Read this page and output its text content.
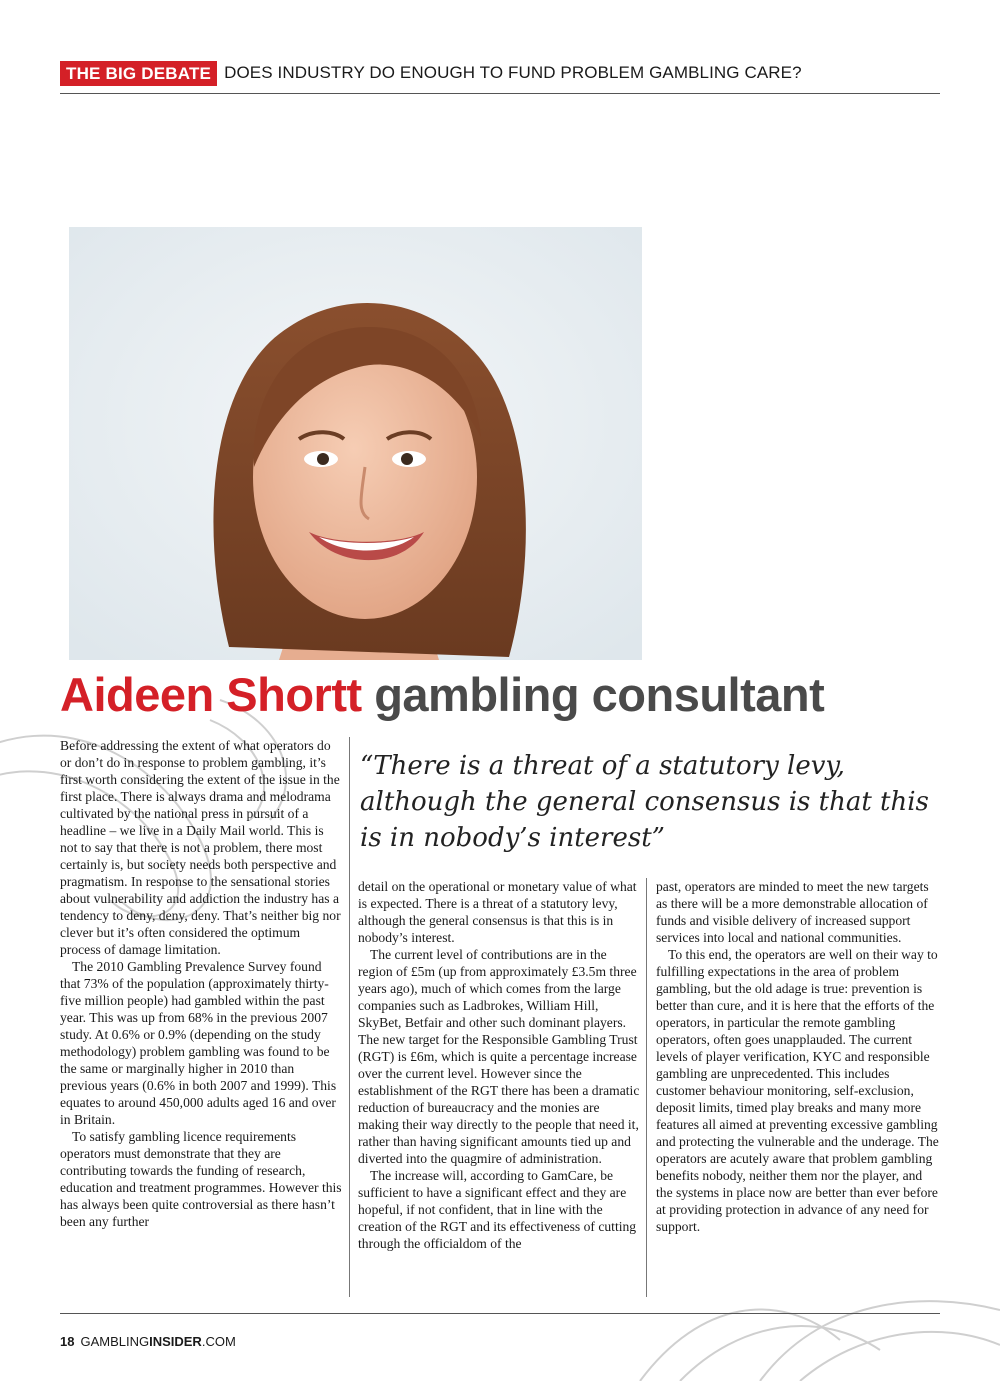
THE BIG DEBATE DOES INDUSTRY DO ENOUGH TO FUND PROBLEM GAMBLING CARE?
Aideen Shortt gambling consultant

Before addressing the extent of what operators do or don’t do in response to problem gambling, it’s first worth considering the extent of the issue in the first place. There is always drama and melodrama cultivated by the national press in pursuit of a headline – we live in a Daily Mail world. This is not to say that there is not a problem, there most certainly is, but society needs both perspective and pragmatism. In response to the sensational stories about vulnerability and addiction the industry has a tendency to deny, deny, deny. That’s neither big nor clever but it’s often considered the optimum process of damage limitation.

The 2010 Gambling Prevalence Survey found that 73% of the population (approximately thirty-five million people) had gambled within the past year. This was up from 68% in the previous 2007 study. At 0.6% or 0.9% (depending on the study methodology) problem gambling was found to be the same or marginally higher in 2010 than previous years (0.6% in both 2007 and 1999). This equates to around 450,000 adults aged 16 and over in Britain.

To satisfy gambling licence requirements operators must demonstrate that they are contributing towards the funding of research, education and treatment programmes. However this has always been quite controversial as there hasn’t been any further

“There is a threat of a statutory levy, although the general consensus is that this is in nobody’s interest”

detail on the operational or monetary value of what is expected. There is a threat of a statutory levy, although the general consensus is that this is in nobody’s interest.

The current level of contributions are in the region of £5m (up from approximately £3.5m three years ago), much of which comes from the large companies such as Ladbrokes, William Hill, SkyBet, Betfair and other such dominant players. The new target for the Responsible Gambling Trust (RGT) is £6m, which is quite a percentage increase over the current level. However since the establishment of the RGT there has been a dramatic reduction of bureaucracy and the monies are making their way directly to the people that need it, rather than having significant amounts tied up and diverted into the quagmire of administration.

The increase will, according to GamCare, be sufficient to have a significant effect and they are hopeful, if not confident, that in line with the creation of the RGT and its effectiveness of cutting through the officialdom of the

past, operators are minded to meet the new targets as there will be a more demonstrable allocation of funds and visible delivery of increased support services into local and national communities.

To this end, the operators are well on their way to fulfilling expectations in the area of problem gambling, but the old adage is true: prevention is better than cure, and it is here that the efforts of the operators, in particular the remote gambling operators, often goes unapplauded. The current levels of player verification, KYC and responsible gambling are unprecedented. This includes customer behaviour monitoring, self-exclusion, deposit limits, timed play breaks and many more features all aimed at preventing excessive gambling and protecting the vulnerable and the underage. The operators are acutely aware that problem gambling benefits nobody, neither them nor the player, and the systems in place now are better than ever before at providing protection in advance of any need for support.

18 GAMBLINGINSIDER.COM
